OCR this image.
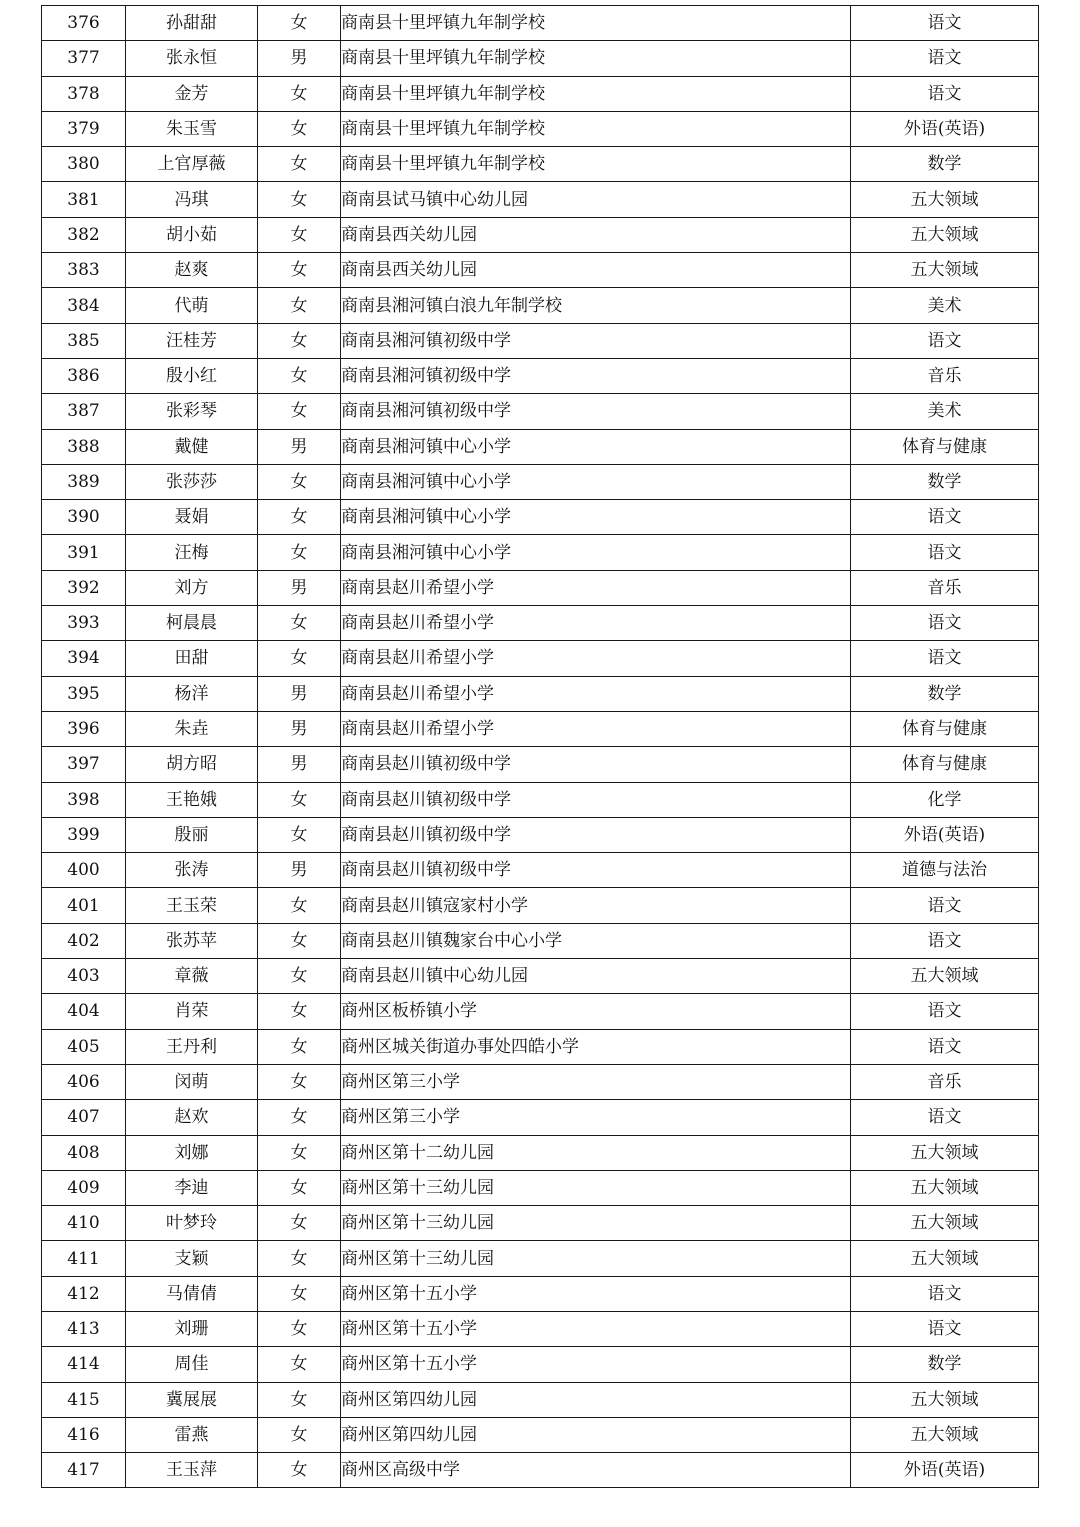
376	孙甜甜	女	商南县十里坪镇九年制学校	语文
377	张永恒	男	商南县十里坪镇九年制学校	语文
378	金芳	女	商南县十里坪镇九年制学校	语文
379	朱玉雪	女	商南县十里坪镇九年制学校	外语(英语)
380	上官厚薇	女	商南县十里坪镇九年制学校	数学
381	冯琪	女	商南县试马镇中心幼儿园	五大领域
382	胡小茹	女	商南县西关幼儿园	五大领域
383	赵爽	女	商南县西关幼儿园	五大领域
384	代萌	女	商南县湘河镇白浪九年制学校	美术
385	汪桂芳	女	商南县湘河镇初级中学	语文
386	殷小红	女	商南县湘河镇初级中学	音乐
387	张彩琴	女	商南县湘河镇初级中学	美术
388	戴健	男	商南县湘河镇中心小学	体育与健康
389	张莎莎	女	商南县湘河镇中心小学	数学
390	聂娟	女	商南县湘河镇中心小学	语文
391	汪梅	女	商南县湘河镇中心小学	语文
392	刘方	男	商南县赵川希望小学	音乐
393	柯晨晨	女	商南县赵川希望小学	语文
394	田甜	女	商南县赵川希望小学	语文
395	杨洋	男	商南县赵川希望小学	数学
396	朱垚	男	商南县赵川希望小学	体育与健康
397	胡方昭	男	商南县赵川镇初级中学	体育与健康
398	王艳娥	女	商南县赵川镇初级中学	化学
399	殷丽	女	商南县赵川镇初级中学	外语(英语)
400	张涛	男	商南县赵川镇初级中学	道德与法治
401	王玉荣	女	商南县赵川镇寇家村小学	语文
402	张苏苹	女	商南县赵川镇魏家台中心小学	语文
403	章薇	女	商南县赵川镇中心幼儿园	五大领域
404	肖荣	女	商州区板桥镇小学	语文
405	王丹利	女	商州区城关街道办事处四皓小学	语文
406	闵萌	女	商州区第三小学	音乐
407	赵欢	女	商州区第三小学	语文
408	刘娜	女	商州区第十二幼儿园	五大领域
409	李迪	女	商州区第十三幼儿园	五大领域
410	叶梦玲	女	商州区第十三幼儿园	五大领域
411	支颖	女	商州区第十三幼儿园	五大领域
412	马倩倩	女	商州区第十五小学	语文
413	刘珊	女	商州区第十五小学	语文
414	周佳	女	商州区第十五小学	数学
415	冀展展	女	商州区第四幼儿园	五大领域
416	雷燕	女	商州区第四幼儿园	五大领域
417	王玉萍	女	商州区高级中学	外语(英语)
